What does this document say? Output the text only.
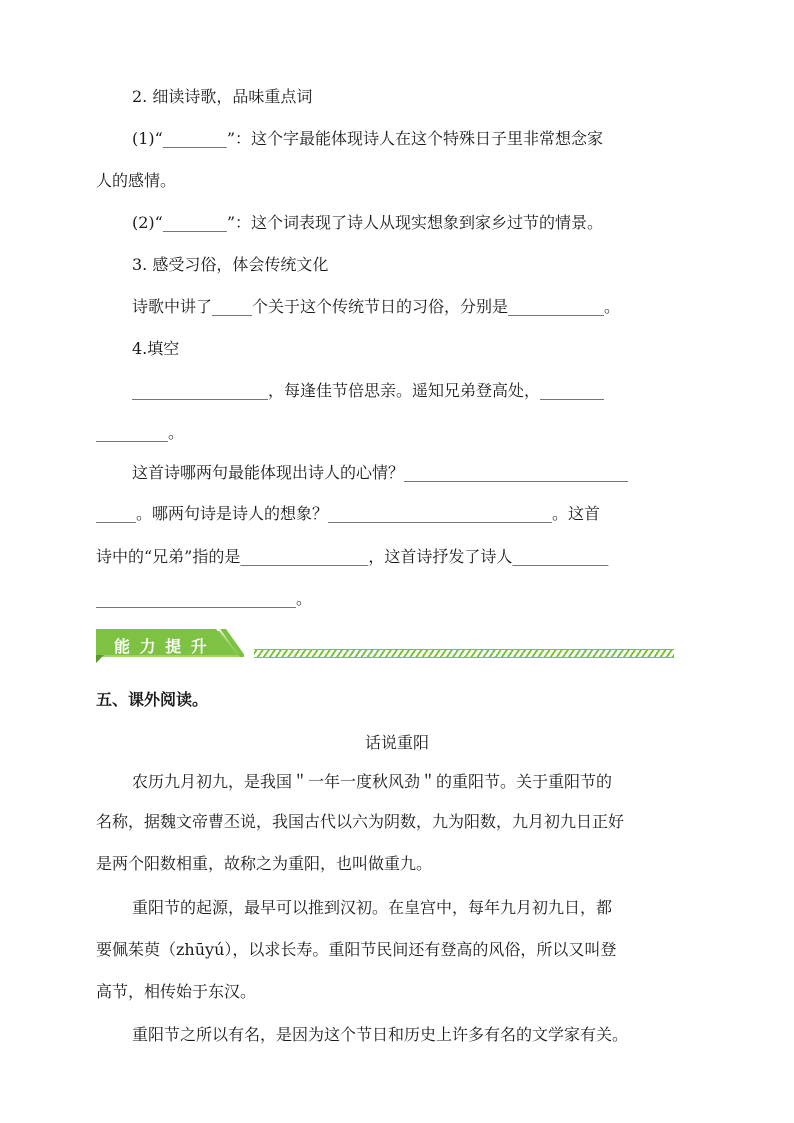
2. 细读诗歌，品味重点词
(1)“________”：这个字最能体现诗人在这个特殊日子里非常想念家
人的感情。
(2)“________”：这个词表现了诗人从现实想象到家乡过节的情景。
3. 感受习俗，体会传统文化
诗歌中讲了_____个关于这个传统节日的习俗，分别是____________。
4.填空
_________________，每逢佳节倍思亲。遥知兄弟登高处，________
_________。
这首诗哪两句最能体现出诗人的心情？____________________________
_____。哪两句诗是诗人的想象？____________________________。这首
诗中的“兄弟”指的是________________，这首诗抒发了诗人____________
_________________________。
能 力 提 升
五、课外阅读。
话说重阳
农历九月初九，是我国＂一年一度秋风劲＂的重阳节。关于重阳节的
名称，据魏文帝曹丕说，我国古代以六为阴数，九为阳数，九月初九日正好
是两个阳数相重，故称之为重阳，也叫做重九。
重阳节的起源，最早可以推到汉初。在皇宫中，每年九月初九日，都
要佩茱萸（zhūyú），以求长寿。重阳节民间还有登高的风俗，所以又叫登
高节，相传始于东汉。
重阳节之所以有名，是因为这个节日和历史上许多有名的文学家有关。
